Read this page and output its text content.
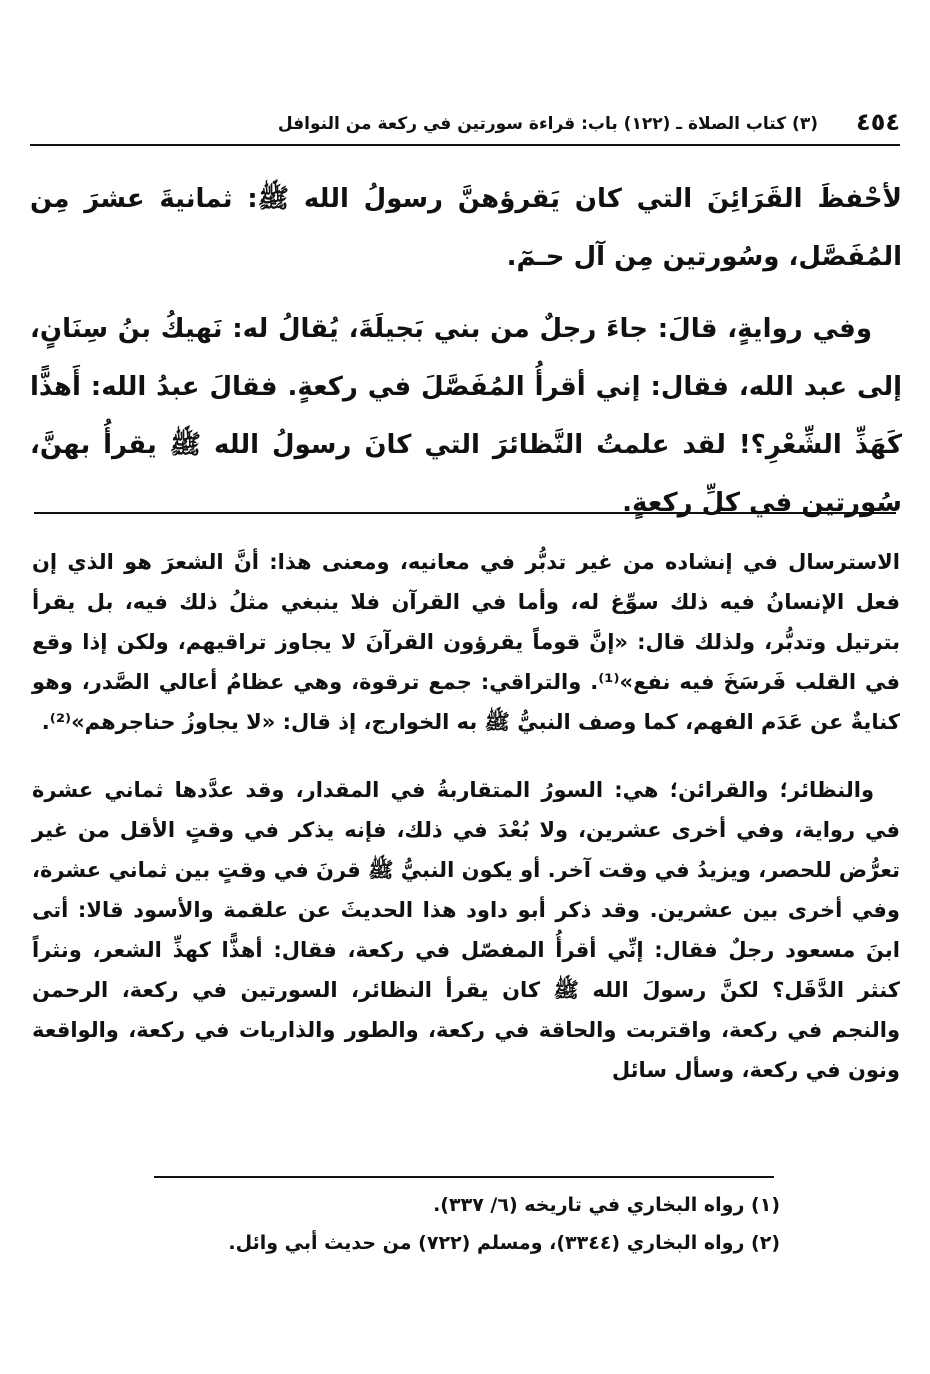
٤٥٤
(٣) كتاب الصلاة ـ (١٢٢) باب: قراءة سورتين في ركعة من النوافل

لأحْفظَ القَرَائِنَ التي كان يَقرؤهنَّ رسولُ الله ﷺ: ثمانيةَ عشرَ مِن المُفَصَّل، وسُورتين مِن آل حـمٓ.

وفي روايةٍ، قالَ: جاءَ رجلٌ من بني بَجيلَةَ، يُقالُ له: نَهيكُ بنُ سِنَانٍ، إلى عبد الله، فقال: إني أقرأُ المُفَصَّلَ في ركعةٍ. فقالَ عبدُ الله: أَهذًّا كَهَذِّ الشِّعْرِ؟! لقد علمتُ النَّظائرَ التي كانَ رسولُ الله ﷺ يقرأُ بهنَّ، سُورتين في كلِّ ركعةٍ.

الاسترسال في إنشاده من غير تدبُّر في معانيه، ومعنى هذا: أنَّ الشعرَ هو الذي إن فعل الإنسانُ فيه ذلك سوِّغ له، وأما في القرآن فلا ينبغي مثلُ ذلك فيه، بل يقرأ بترتيل وتدبُّر، ولذلك قال: «إنَّ قوماً يقرؤون القرآنَ لا يجاوز تراقيهم، ولكن إذا وقع في القلب فَرسَخَ فيه نفع»⁽¹⁾. والتراقي: جمع ترقوة، وهي عظامُ أعالي الصَّدر، وهو كنايةٌ عن عَدَم الفهم، كما وصف النبيُّ ﷺ به الخوارج، إذ قال: «لا يجاوزُ حناجرهم»⁽²⁾.

والنظائر؛ والقرائن؛ هي: السورُ المتقاربةُ في المقدار، وقد عدَّدها ثماني عشرة في رواية، وفي أخرى عشرين، ولا بُعْدَ في ذلك، فإنه يذكر في وقتٍ الأقل من غير تعرُّض للحصر، ويزيدُ في وقت آخر. أو يكون النبيُّ ﷺ قرنَ في وقتٍ بين ثماني عشرة، وفي أخرى بين عشرين. وقد ذكر أبو داود هذا الحديثَ عن علقمة والأسود قالا: أتى ابنَ مسعود رجلٌ فقال: إنِّي أقرأُ المفصّل في ركعة، فقال: أهذًّا كهذِّ الشعر، ونثراً كنثر الدَّقَل؟ لكنَّ رسولَ الله ﷺ كان يقرأ النظائر، السورتين في ركعة، الرحمن والنجم في ركعة، واقتربت والحاقة في ركعة، والطور والذاريات في ركعة، والواقعة ونون في ركعة، وسأل سائل

(١) رواه البخاري في تاريخه (٦/ ٣٣٧).
(٢) رواه البخاري (٣٣٤٤)، ومسلم (٧٢٢) من حديث أبي وائل.
